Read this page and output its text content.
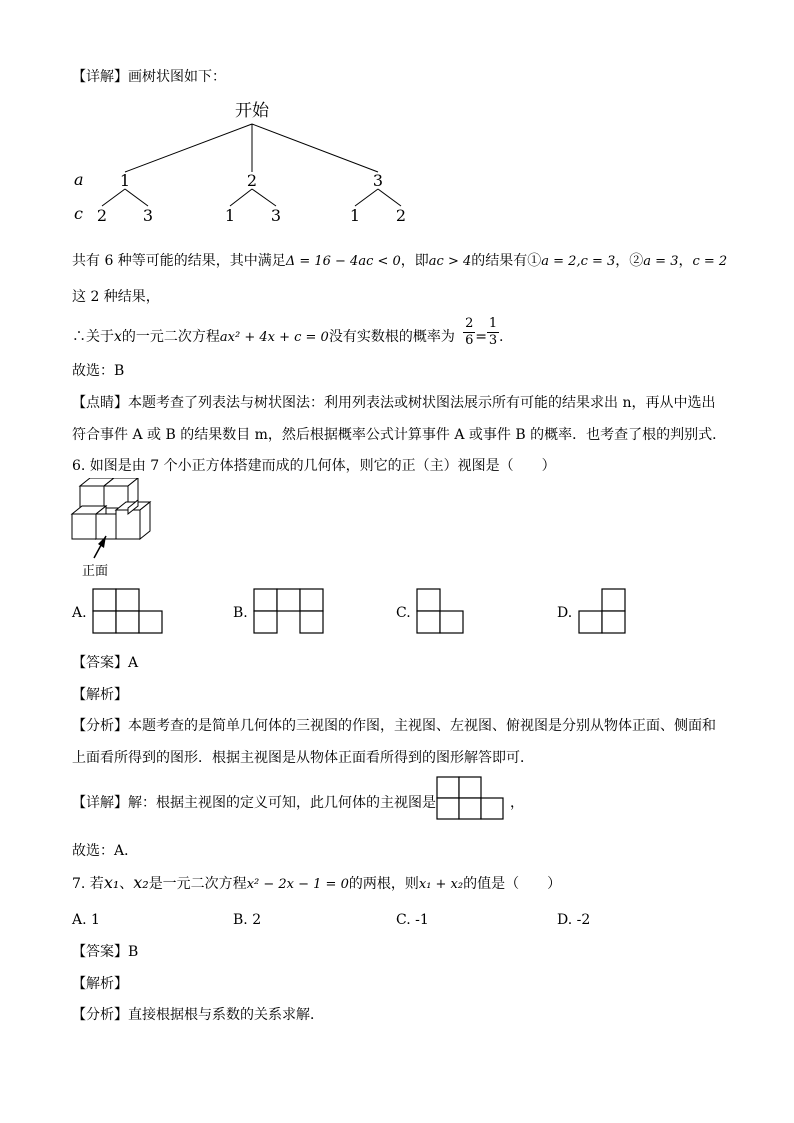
【详解】画树状图如下：
开始
a
c
1	2	3
2 3	1 3	1 2
共有 6 种等可能的结果，其中满足Δ = 16 − 4ac < 0，即ac > 4的结果有①a = 2,c = 3，②a = 3，c = 2
这 2 种结果，
∴关于x的一元二次方程ax² + 4x + c = 0没有实数根的概率为 $\frac{2}{6} = \frac{1}{3}$ .
故选：B
【点睛】本题考查了列表法与树状图法：利用列表法或树状图法展示所有可能的结果求出 n，再从中选出
符合事件 A 或 B 的结果数目 m，然后根据概率公式计算事件 A 或事件 B 的概率．也考查了根的判别式．
6. 如图是由 7 个小正方体搭建而成的几何体，则它的正（主）视图是（　　）
正面
A.	B.	C.	D.
【答案】A
【解析】
【分析】本题考查的是简单几何体的三视图的作图，主视图、左视图、俯视图是分别从物体正面、侧面和
上面看所得到的图形．根据主视图是从物体正面看所得到的图形解答即可．
【详解】解：根据主视图的定义可知，此几何体的主视图是	，
故选：A．
7. 若x₁、x₂是一元二次方程x² − 2x − 1 = 0的两根，则x₁ + x₂的值是（　　）
A. 1	B. 2	C. -1	D. -2
【答案】B
【解析】
【分析】直接根据根与系数的关系求解．
